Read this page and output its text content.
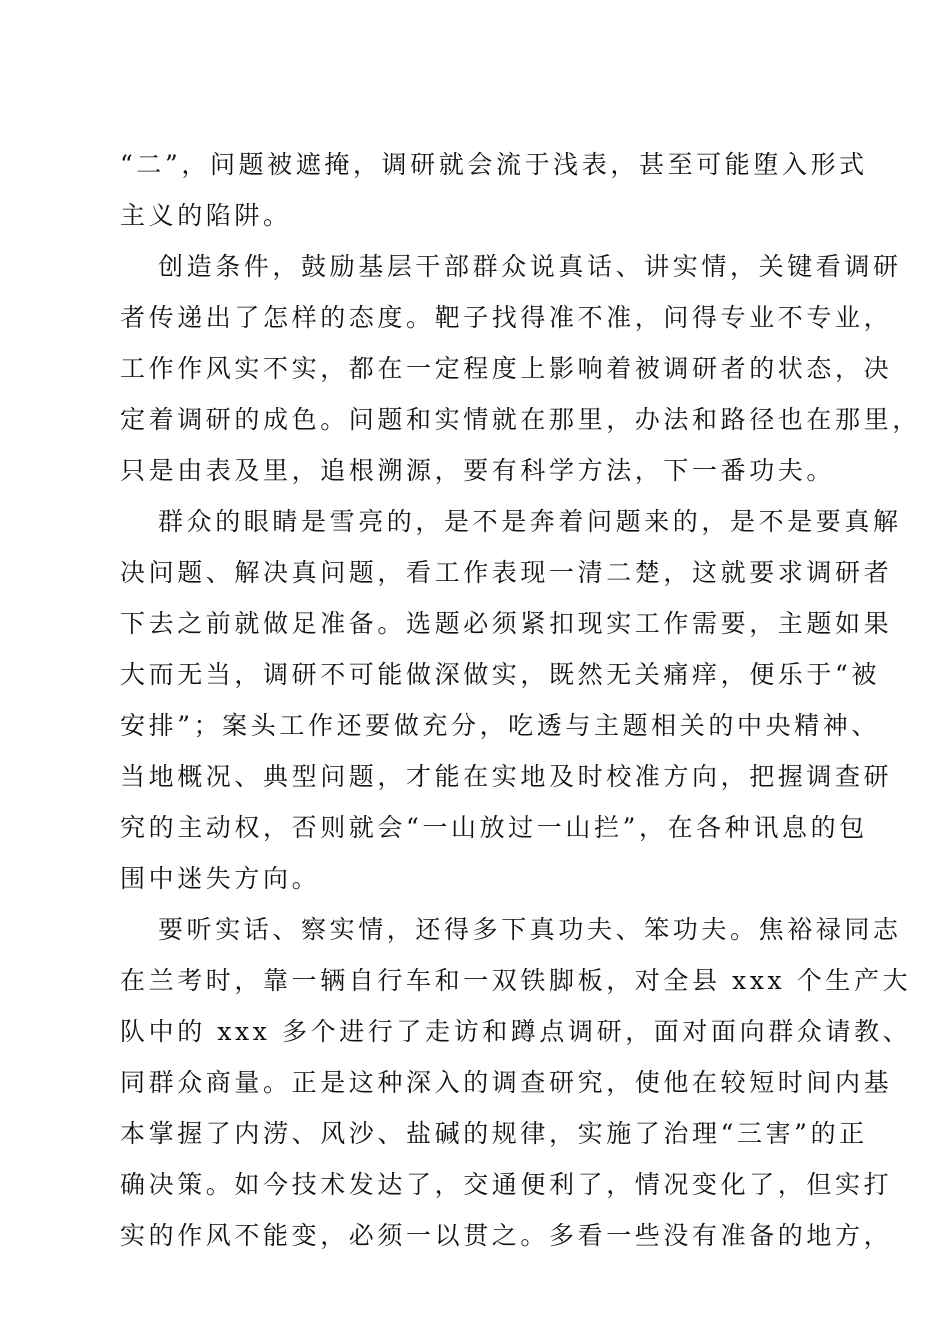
“二”，问题被遮掩，调研就会流于浅表，甚至可能堕入形式
主义的陷阱。
创造条件，鼓励基层干部群众说真话、讲实情，关键看调研
者传递出了怎样的态度。靶子找得准不准，问得专业不专业，
工作作风实不实，都在一定程度上影响着被调研者的状态，决
定着调研的成色。问题和实情就在那里，办法和路径也在那里，
只是由表及里，追根溯源，要有科学方法，下一番功夫。
群众的眼睛是雪亮的，是不是奔着问题来的，是不是要真解
决问题、解决真问题，看工作表现一清二楚，这就要求调研者
下去之前就做足准备。选题必须紧扣现实工作需要，主题如果
大而无当，调研不可能做深做实，既然无关痛痒，便乐于“被
安排”；案头工作还要做充分，吃透与主题相关的中央精神、
当地概况、典型问题，才能在实地及时校准方向，把握调查研
究的主动权，否则就会“一山放过一山拦”，在各种讯息的包
围中迷失方向。
要听实话、察实情，还得多下真功夫、笨功夫。焦裕禄同志
在兰考时，靠一辆自行车和一双铁脚板，对全县 xxx 个生产大
队中的 xxx 多个进行了走访和蹲点调研，面对面向群众请教、
同群众商量。正是这种深入的调查研究，使他在较短时间内基
本掌握了内涝、风沙、盐碱的规律，实施了治理“三害”的正
确决策。如今技术发达了，交通便利了，情况变化了，但实打
实的作风不能变，必须一以贯之。多看一些没有准备的地方，
